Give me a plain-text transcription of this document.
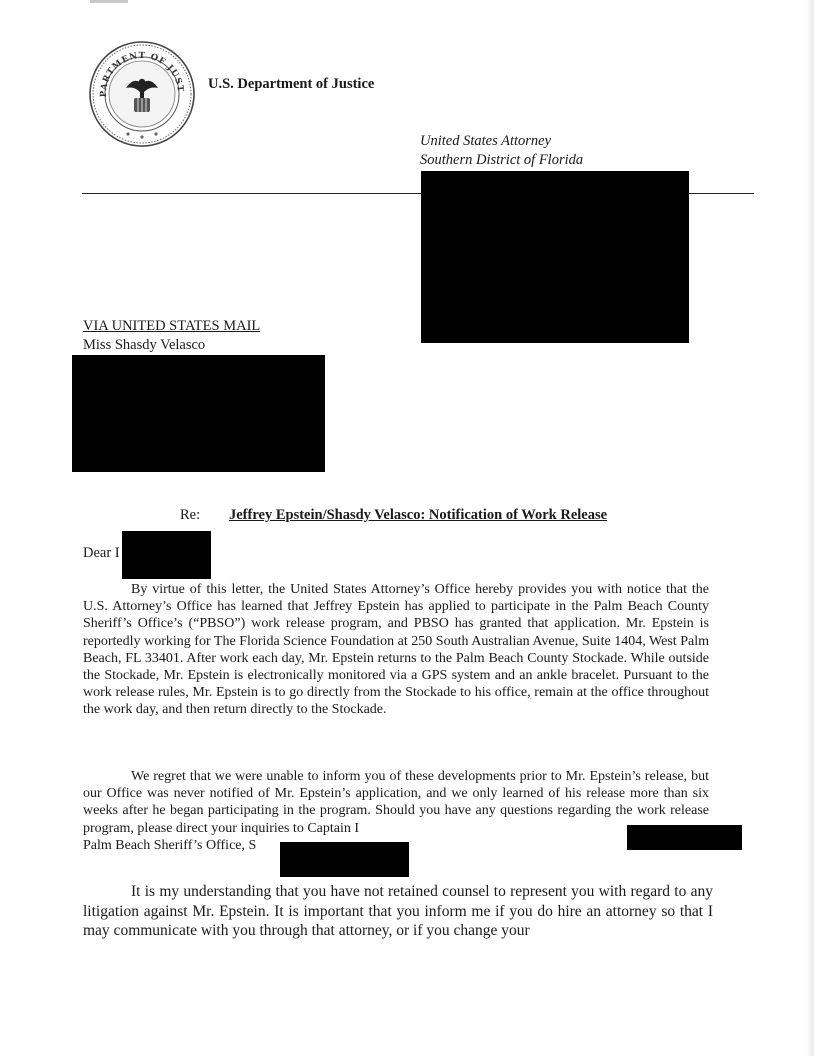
PARTMENT OF JUST U.S. Department of Justice
United States Attorney
Southern District of Florida
VIA UNITED STATES MAIL
Miss Shasdy Velasco
Re: Jeffrey Epstein/Shasdy Velasco: Notification of Work Release
Dear I

By virtue of this letter, the United States Attorney’s Office hereby provides you with notice that the U.S. Attorney’s Office has learned that Jeffrey Epstein has applied to participate in the Palm Beach County Sheriff’s Office’s (“PBSO”) work release program, and PBSO has granted that application. Mr. Epstein is reportedly working for The Florida Science Foundation at 250 South Australian Avenue, Suite 1404, West Palm Beach, FL 33401. After work each day, Mr. Epstein returns to the Palm Beach County Stockade. While outside the Stockade, Mr. Epstein is electronically monitored via a GPS system and an ankle bracelet. Pursuant to the work release rules, Mr. Epstein is to go directly from the Stockade to his office, remain at the office throughout the work day, and then return directly to the Stockade.

We regret that we were unable to inform you of these developments prior to Mr. Epstein’s release, but our Office was never notified of Mr. Epstein’s application, and we only learned of his release more than six weeks after he began participating in the program. Should you have any questions regarding the work release program, please direct your inquiries to Captain I

Palm Beach Sheriff’s Office, S

It is my understanding that you have not retained counsel to represent you with regard to any litigation against Mr. Epstein. It is important that you inform me if you do hire an attorney so that I may communicate with you through that attorney, or if you change your
